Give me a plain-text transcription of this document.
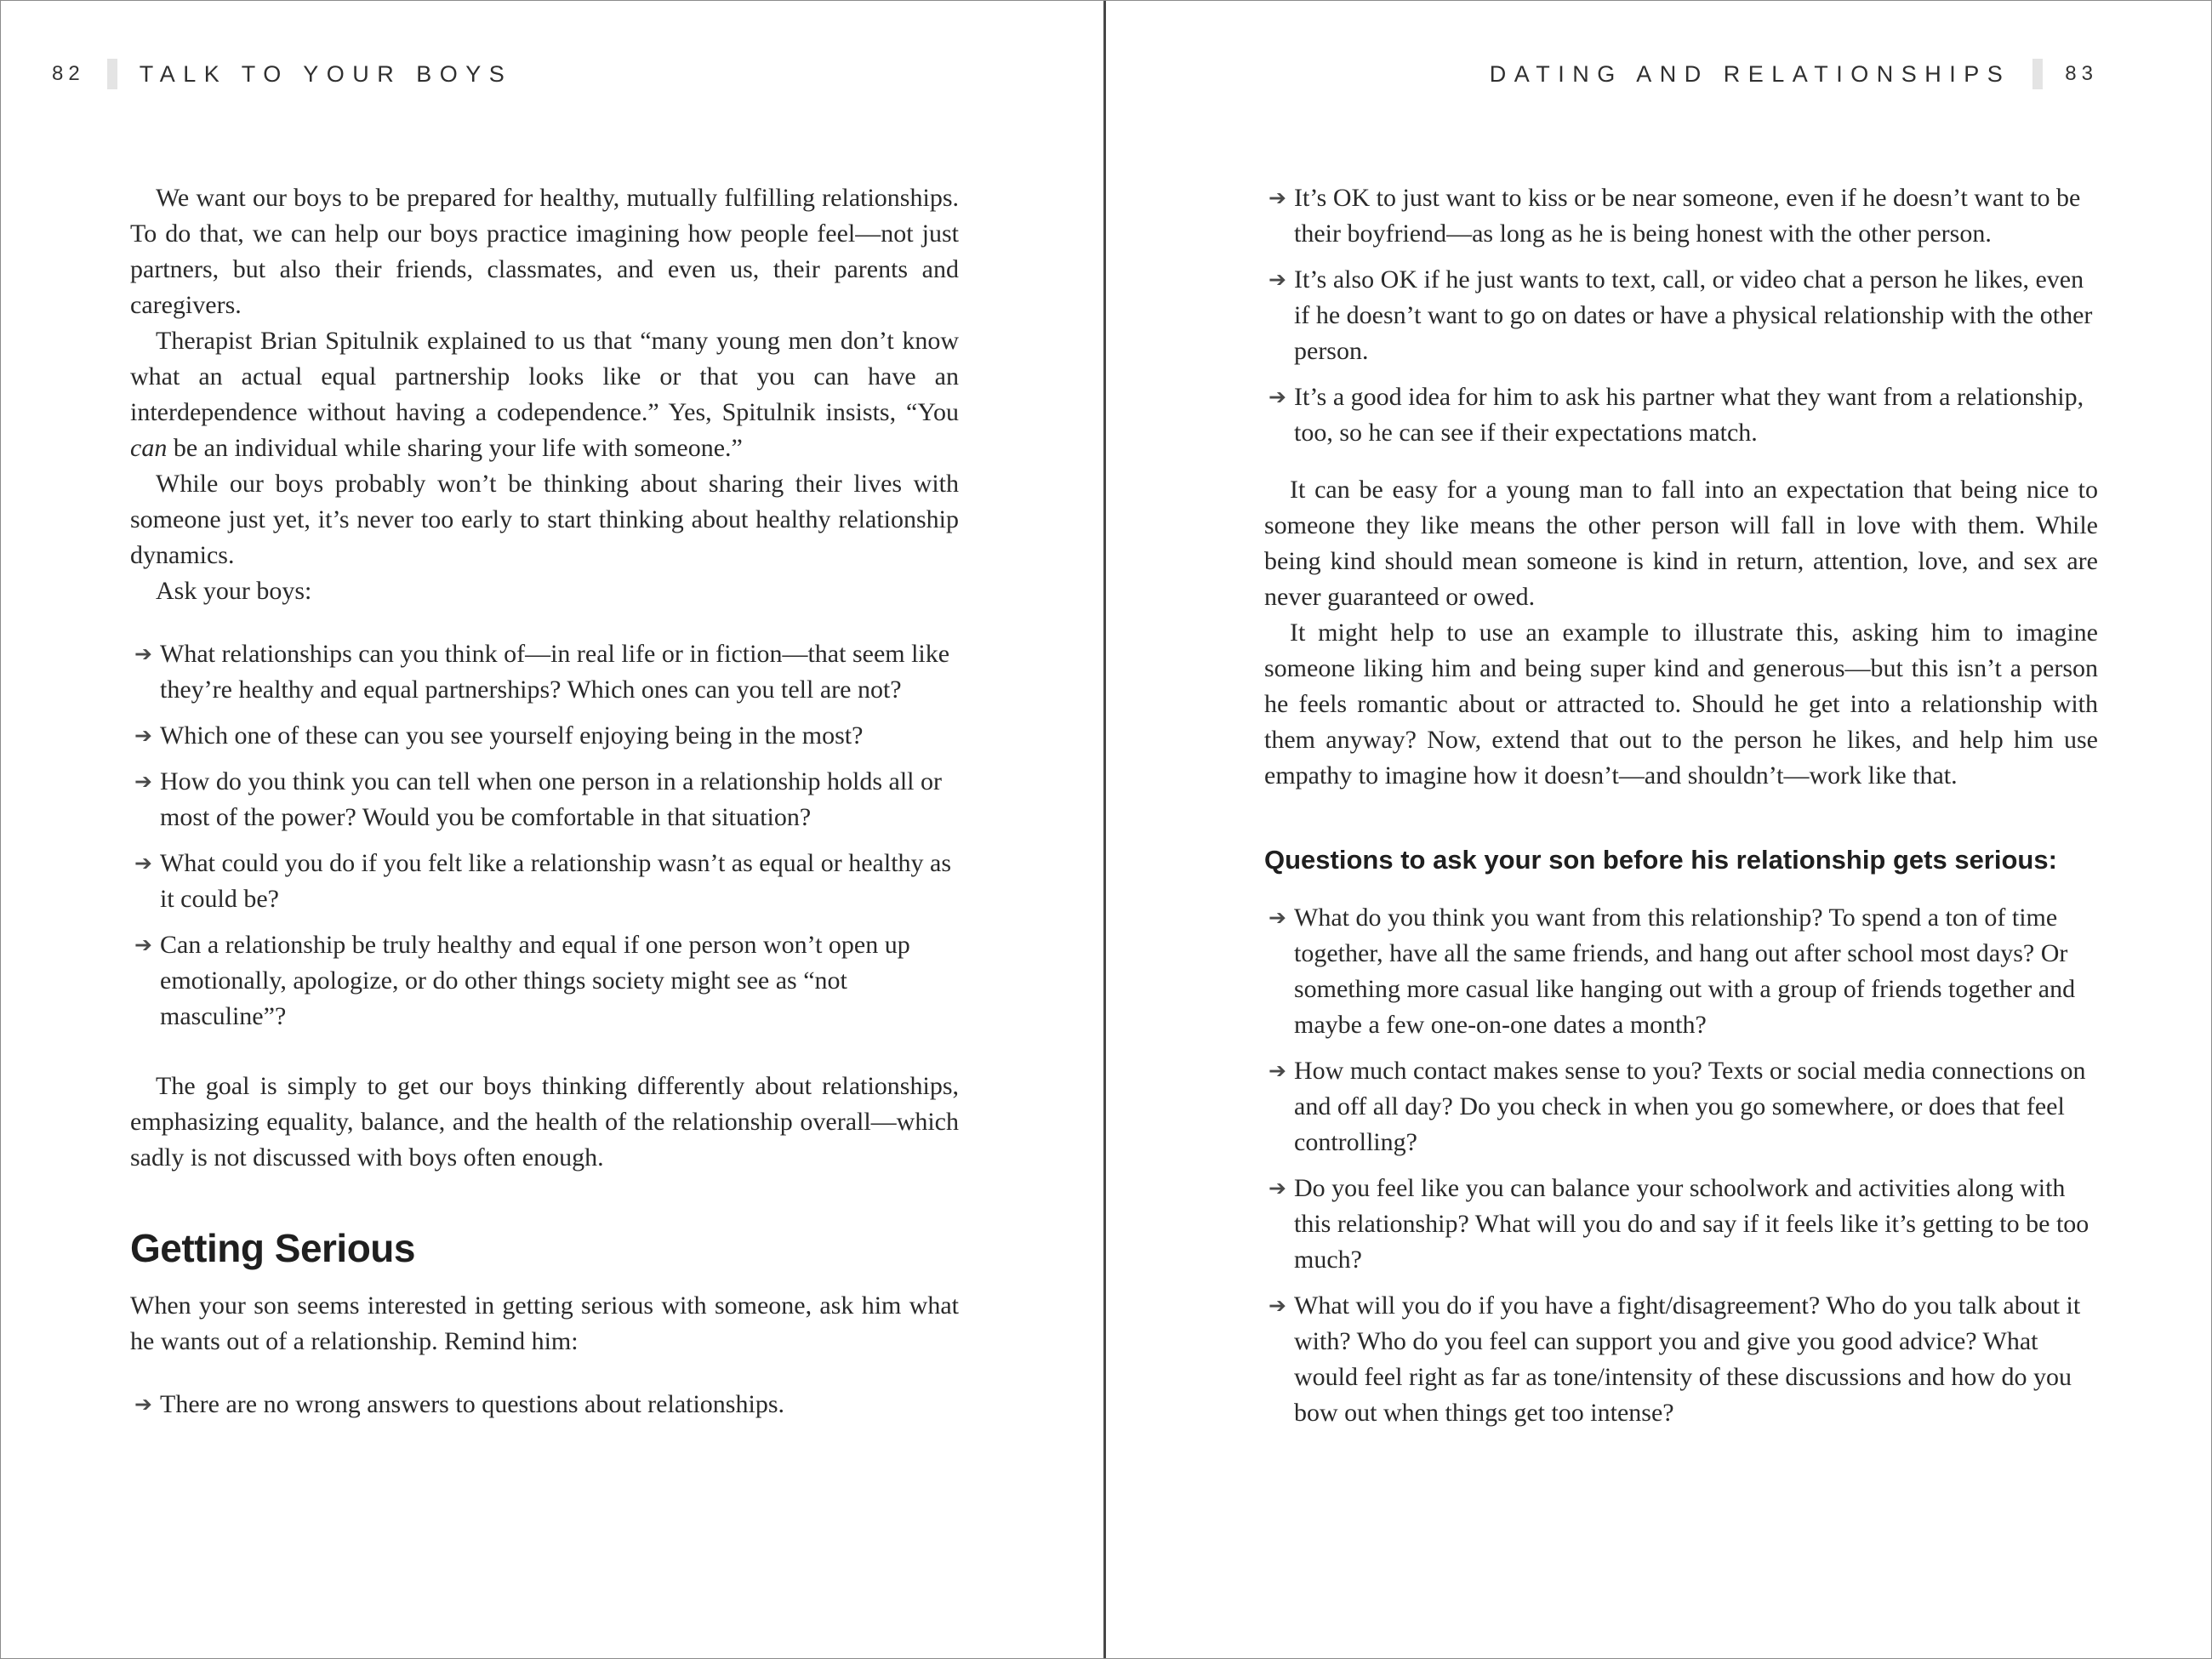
82 TALK TO YOUR BOYS

We want our boys to be prepared for healthy, mutually fulfilling relationships. To do that, we can help our boys practice imagining how people feel—not just partners, but also their friends, classmates, and even us, their parents and caregivers.

Therapist Brian Spitulnik explained to us that “many young men don’t know what an actual equal partnership looks like or that you can have an interdependence without having a codependence.” Yes, Spitulnik insists, “You can be an individual while sharing your life with someone.”

While our boys probably won’t be thinking about sharing their lives with someone just yet, it’s never too early to start thinking about healthy relationship dynamics.

Ask your boys:

➔ What relationships can you think of—in real life or in fiction—that seem like they’re healthy and equal partnerships? Which ones can you tell are not?
➔ Which one of these can you see yourself enjoying being in the most?
➔ How do you think you can tell when one person in a relationship holds all or most of the power? Would you be comfortable in that situation?
➔ What could you do if you felt like a relationship wasn’t as equal or healthy as it could be?
➔ Can a relationship be truly healthy and equal if one person won’t open up emotionally, apologize, or do other things society might see as “not masculine”?

The goal is simply to get our boys thinking differently about relationships, emphasizing equality, balance, and the health of the relationship overall—which sadly is not discussed with boys often enough.

Getting Serious

When your son seems interested in getting serious with someone, ask him what he wants out of a relationship. Remind him:

➔ There are no wrong answers to questions about relationships.
DATING AND RELATIONSHIPS	83
➔ It’s OK to just want to kiss or be near someone, even if he doesn’t want to be their boyfriend—as long as he is being honest with the other person.
➔ It’s also OK if he just wants to text, call, or video chat a person he likes, even if he doesn’t want to go on dates or have a physical relationship with the other person.
➔ It’s a good idea for him to ask his partner what they want from a relationship, too, so he can see if their expectations match.

It can be easy for a young man to fall into an expectation that being nice to someone they like means the other person will fall in love with them. While being kind should mean someone is kind in return, attention, love, and sex are never guaranteed or owed.

It might help to use an example to illustrate this, asking him to imagine someone liking him and being super kind and generous—but this isn’t a person he feels romantic about or attracted to. Should he get into a relationship with them anyway? Now, extend that out to the person he likes, and help him use empathy to imagine how it doesn’t—and shouldn’t—work like that.

Questions to ask your son before his relationship gets serious:
➔ What do you think you want from this relationship? To spend a ton of time together, have all the same friends, and hang out after school most days? Or something more casual like hanging out with a group of friends together and maybe a few one-on-one dates a month?
➔ How much contact makes sense to you? Texts or social media connections on and off all day? Do you check in when you go somewhere, or does that feel controlling?
➔ Do you feel like you can balance your schoolwork and activities along with this relationship? What will you do and say if it feels like it’s getting to be too much?
➔ What will you do if you have a fight/disagreement? Who do you talk about it with? Who do you feel can support you and give you good advice? What would feel right as far as tone/intensity of these discussions and how do you bow out when things get too intense?
